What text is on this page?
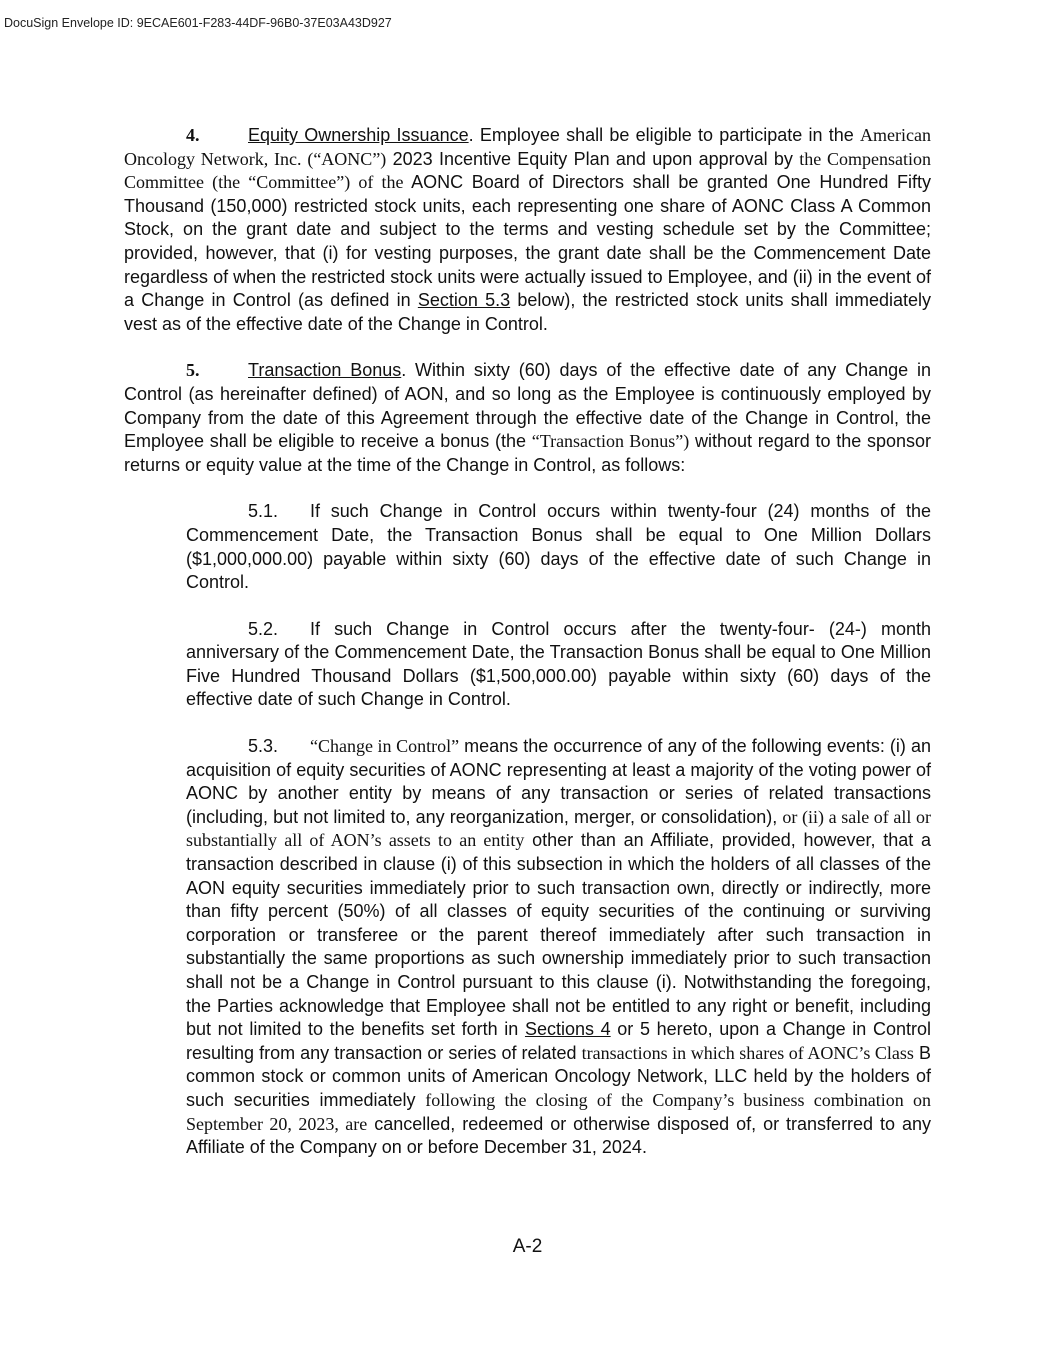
DocuSign Envelope ID: 9ECAE601-F283-44DF-96B0-37E03A43D927

4.	Equity Ownership Issuance. Employee shall be eligible to participate in the American Oncology Network, Inc. (“AONC”) 2023 Incentive Equity Plan and upon approval by the Compensation Committee (the “Committee”) of the AONC Board of Directors shall be granted One Hundred Fifty Thousand (150,000) restricted stock units, each representing one share of AONC Class A Common Stock, on the grant date and subject to the terms and vesting schedule set by the Committee; provided, however, that (i) for vesting purposes, the grant date shall be the Commencement Date regardless of when the restricted stock units were actually issued to Employee, and (ii) in the event of a Change in Control (as defined in Section 5.3 below), the restricted stock units shall immediately vest as of the effective date of the Change in Control.

5.	Transaction Bonus. Within sixty (60) days of the effective date of any Change in Control (as hereinafter defined) of AON, and so long as the Employee is continuously employed by Company from the date of this Agreement through the effective date of the Change in Control, the Employee shall be eligible to receive a bonus (the “Transaction Bonus”) without regard to the sponsor returns or equity value at the time of the Change in Control, as follows:

5.1. If such Change in Control occurs within twenty-four (24) months of the Commencement Date, the Transaction Bonus shall be equal to One Million Dollars ($1,000,000.00) payable within sixty (60) days of the effective date of such Change in Control.

5.2. If such Change in Control occurs after the twenty-four- (24-) month anniversary of the Commencement Date, the Transaction Bonus shall be equal to One Million Five Hundred Thousand Dollars ($1,500,000.00) payable within sixty (60) days of the effective date of such Change in Control.

5.3. “Change in Control” means the occurrence of any of the following events: (i) an acquisition of equity securities of AONC representing at least a majority of the voting power of AONC by another entity by means of any transaction or series of related transactions (including, but not limited to, any reorganization, merger, or consolidation), or (ii) a sale of all or substantially all of AON’s assets to an entity other than an Affiliate, provided, however, that a transaction described in clause (i) of this subsection in which the holders of all classes of the AON equity securities immediately prior to such transaction own, directly or indirectly, more than fifty percent (50%) of all classes of equity securities of the continuing or surviving corporation or transferee or the parent thereof immediately after such transaction in substantially the same proportions as such ownership immediately prior to such transaction shall not be a Change in Control pursuant to this clause (i). Notwithstanding the foregoing, the Parties acknowledge that Employee shall not be entitled to any right or benefit, including but not limited to the benefits set forth in Sections 4 or 5 hereto, upon a Change in Control resulting from any transaction or series of related transactions in which shares of AONC’s Class B common stock or common units of American Oncology Network, LLC held by the holders of such securities immediately following the closing of the Company’s business combination on September 20, 2023, are cancelled, redeemed or otherwise disposed of, or transferred to any Affiliate of the Company on or before December 31, 2024.

A-2
